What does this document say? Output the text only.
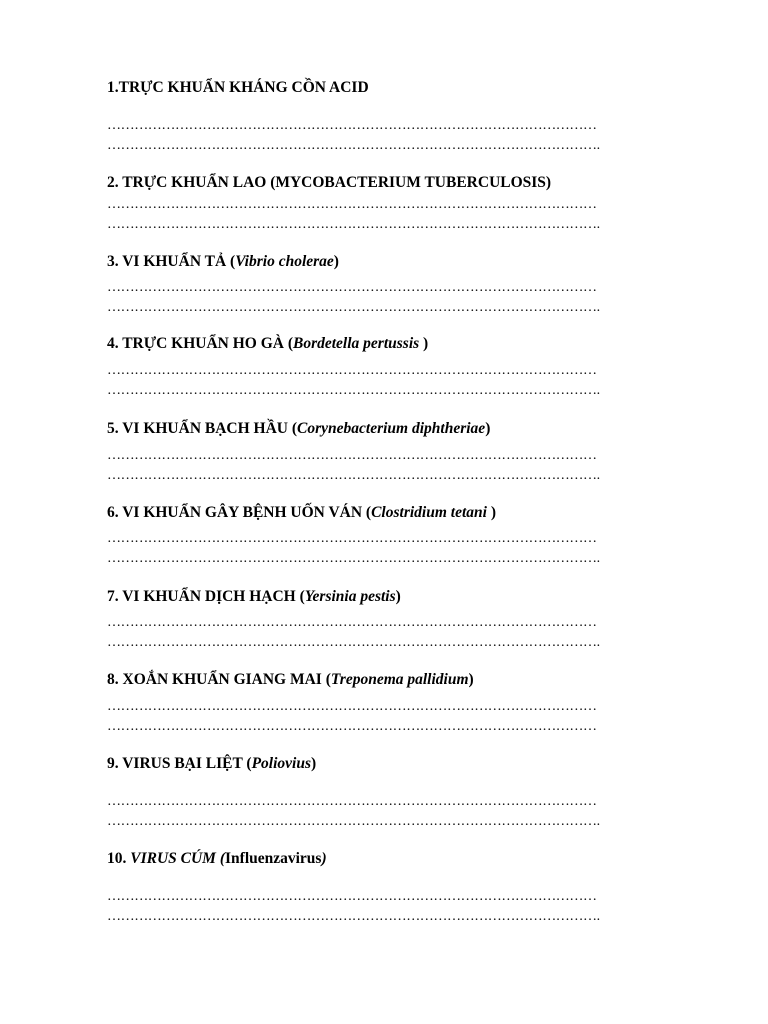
1.TRỰC KHUẨN KHÁNG CỒN ACID
………………………………………………………………………………………………
……………………………………………………………………………………………….
2. TRỰC KHUẨN LAO (MYCOBACTERIUM TUBERCULOSIS)
………………………………………………………………………………………………
……………………………………………………………………………………………….
3. VI KHUẨN TẢ (Vibrio cholerae)
………………………………………………………………………………………………
……………………………………………………………………………………………….
4. TRỰC KHUẨN HO GÀ (Bordetella pertussis )
………………………………………………………………………………………………
……………………………………………………………………………………………….
5. VI KHUẨN BẠCH HẦU (Corynebacterium diphtheriae)
………………………………………………………………………………………………
……………………………………………………………………………………………….
6. VI KHUẨN GÂY BỆNH UỐN VÁN (Clostridium tetani )
………………………………………………………………………………………………
……………………………………………………………………………………………….
7. VI KHUẨN DỊCH HẠCH (Yersinia pestis)
………………………………………………………………………………………………
……………………………………………………………………………………………….
8. XOẮN KHUẨN GIANG MAI (Treponema pallidium)
………………………………………………………………………………………………
………………………………………………………………………………………………
9. VIRUS BẠI LIỆT (Poliovius)
………………………………………………………………………………………………
……………………………………………………………………………………………….
10. VIRUS CÚM (Influenzavirus)
………………………………………………………………………………………………
……………………………………………………………………………………………….
